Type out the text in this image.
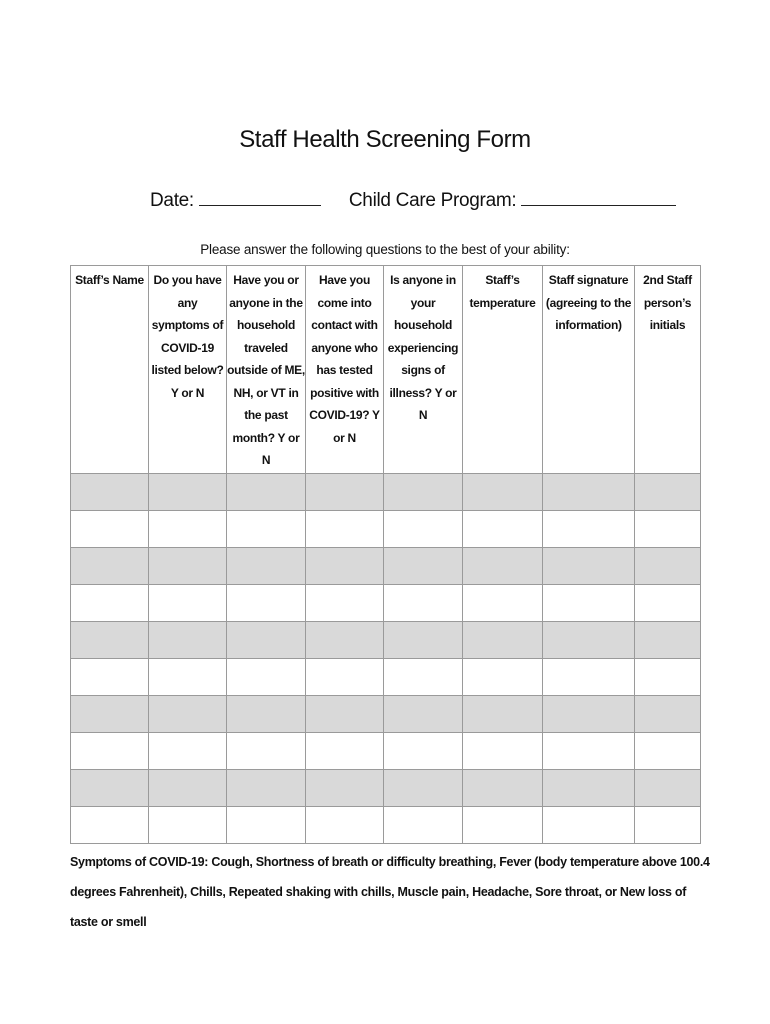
Staff Health Screening Form
Date:	Child Care Program:
Please answer the following questions to the best of your ability:
Staff’s Name	Do you have any symptoms of COVID-19 listed below? Y or N	Have you or anyone in the household traveled outside of ME, NH, or VT in the past month? Y or N	Have you come into contact with anyone who has tested positive with COVID-19? Y or N	Is anyone in your household experiencing signs of illness? Y or N	Staff’s temperature	Staff signature (agreeing to the information)	2nd Staff person’s initials

Symptoms of COVID-19: Cough, Shortness of breath or difficulty breathing, Fever (body temperature above 100.4 degrees Fahrenheit), Chills, Repeated shaking with chills, Muscle pain, Headache, Sore throat, or New loss of taste or smell
